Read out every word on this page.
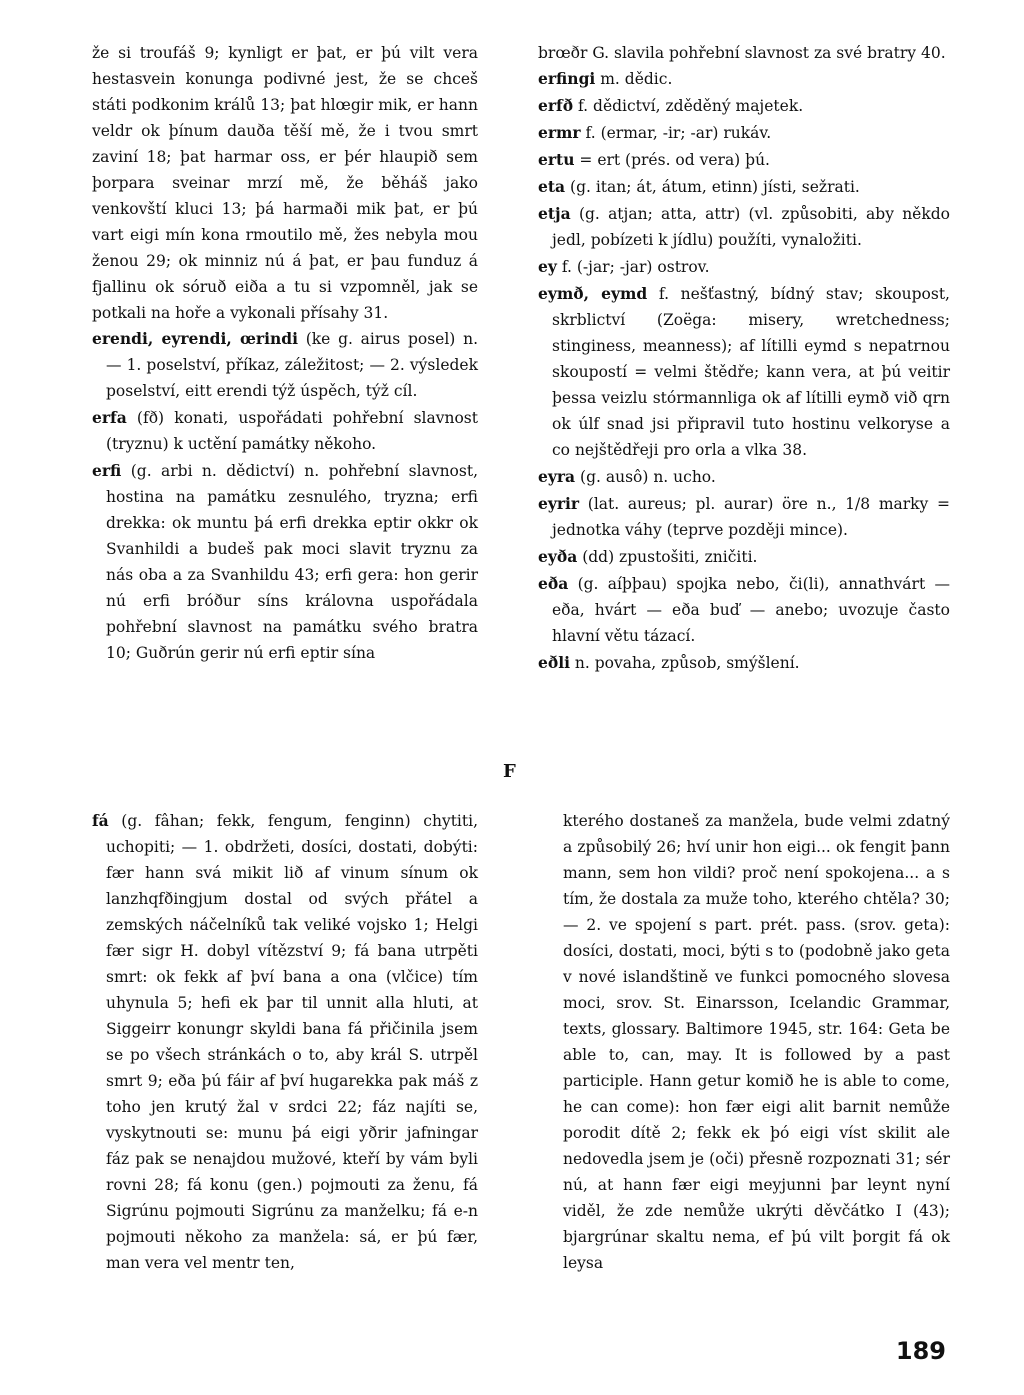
že si troufáš 9; kynligt er þat, er þú vilt vera hestasvein konunga podivné jest, že se chceš státi podkonim králů 13; þat hlœgir mik, er hann veldr ok þínum dauða těší mě, že i tvou smrt zaviní 18; þat harmar oss, er þér hlaupið sem þorpara sveinar mrzí mě, že běháš jako venkovští kluci 13; þá harmaði mik þat, er þú vart eigi mín kona rmoutilo mě, žes nebyla mou ženou 29; ok minniz nú á þat, er þau funduz á fjallinu ok sóruð eiða a tu si vzpomněl, jak se potkali na hoře a vykonali přísahy 31.

erendi, eyrendi, œrindi (ke g. airus posel) n. — 1. poselství, příkaz, záležitost; — 2. výsledek poselství, eitt erendi týž úspěch, týž cíl.

erfa (fð) konati, uspořádati pohřební slavnost (tryznu) k uctění památky někoho.

erfi (g. arbi n. dědictví) n. pohřební slavnost, hostina na památku zesnulého, tryzna; erfi drekka: ok muntu þá erfi drekka eptir okkr ok Svanhildi a budeš pak moci slavit tryznu za nás oba a za Svanhildu 43; erfi gera: hon gerir nú erfi bróður síns královna uspořádala pohřební slavnost na památku svého bratra 10; Guðrún gerir nú erfi eptir sína

brœðr G. slavila pohřební slavnost za své bratry 40.

erfingi m. dědic.

erfð f. dědictví, zděděný majetek.

ermr f. (ermar, -ir; -ar) rukáv.

ertu = ert (prés. od vera) þú.

eta (g. itan; át, átum, etinn) jísti, sežrati.

etja (g. atjan; atta, attr) (vl. způsobiti, aby někdo jedl, pobízeti k jídlu) použíti, vynaložiti.

ey f. (-jar; -jar) ostrov.

eymð, eymd f. nešťastný, bídný stav; skoupost, skrblictví (Zoëga: misery, wretchedness; stinginess, meanness); af lítilli eymd s nepatrnou skoupostí = velmi štědře; kann vera, at þú veitir þessa veizlu stórmannliga ok af lítilli eymð við qrn ok úlf snad jsi připravil tuto hostinu velkoryse a co nejštědřeji pro orla a vlka 38.

eyra (g. ausô) n. ucho.

eyrir (lat. aureus; pl. aurar) öre n., 1/8 marky = jednotka váhy (teprve později mince).

eyða (dd) zpustošiti, zničiti.

eða (g. aíþþau) spojka nebo, či(li), annathvárt — eða, hvárt — eða buď — anebo; uvozuje často hlavní větu tázací.

eðli n. povaha, způsob, smýšlení.

F

fá (g. fâhan; fekk, fengum, fenginn) chytiti, uchopiti; — 1. obdržeti, dosíci, dostati, dobýti: fær hann svá mikit lið af vinum sínum ok lanzhqfðingjum dostal od svých přátel a zemských náčelníků tak veliké vojsko 1; Helgi fær sigr H. dobyl vítězství 9; fá bana utrpěti smrt: ok fekk af því bana a ona (vlčice) tím uhynula 5; hefi ek þar til unnit alla hluti, at Siggeirr konungr skyldi bana fá přičinila jsem se po všech stránkách o to, aby král S. utrpěl smrt 9; eða þú fáir af því hugarekka pak máš z toho jen krutý žal v srdci 22; fáz najíti se, vyskytnouti se: munu þá eigi yðrir jafningar fáz pak se nenajdou mužové, kteří by vám byli rovni 28; fá konu (gen.) pojmouti za ženu, fá Sigrúnu pojmouti Sigrúnu za manželku; fá e-n pojmouti někoho za manžela: sá, er þú fær, man vera vel mentr ten,

kterého dostaneš za manžela, bude velmi zdatný a způsobilý 26; hví unir hon eigi... ok fengit þann mann, sem hon vildi? proč není spokojena... a s tím, že dostala za muže toho, kterého chtěla? 30; — 2. ve spojení s part. prét. pass. (srov. geta): dosíci, dostati, moci, býti s to (podobně jako geta v nové islandštině ve funkci pomocného slovesa moci, srov. St. Einarsson, Icelandic Grammar, texts, glossary. Baltimore 1945, str. 164: Geta be able to, can, may. It is followed by a past participle. Hann getur komið he is able to come, he can come): hon fær eigi alit barnit nemůže porodit dítě 2; fekk ek þó eigi víst skilit ale nedovedla jsem je (oči) přesně rozpoznati 31; sér nú, at hann fær eigi meyjunni þar leynt nyní viděl, že zde nemůže ukrýti děvčátko I (43); bjargrúnar skaltu nema, ef þú vilt þorgit fá ok leysa

189
